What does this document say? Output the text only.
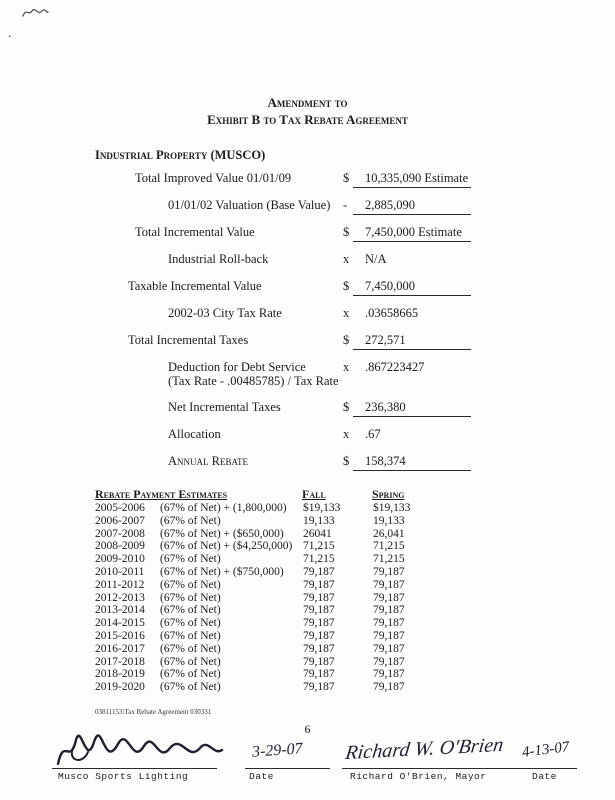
.
Amendment to
Exhibit B to Tax Rebate Agreement
Industrial Property (MUSCO)
Total Improved Value 01/01/09	$	10,335,090 Estimate
01/01/02 Valuation (Base Value) -	2,885,090
Total Incremental Value	$	7,450,000 Estimate
Industrial Roll-back	x	N/A
Taxable Incremental Value	$	7,450,000
2002-03 City Tax Rate	x	.03658665
Total Incremental Taxes	$	272,571
Deduction for Debt Service
(Tax Rate - .00485785) / Tax Rate
x	.867223427
Net Incremental Taxes	$	236,380
Allocation	x	.67
Annual Rebate	$	158,374
Rebate Payment Estimates	Fall	Spring
2005-2006 (67% of Net) + (1,800,000) $19,133	$19,133
2006-2007 (67% of Net)	19,133	19,133
2007-2008 (67% of Net) + ($650,000) 26041	26,041
2008-2009 (67% of Net) + ($4,250,000) 71,215	71,215
2009-2010 (67% of Net)	71,215	71,215
2010-2011 (67% of Net) + ($750,000) 79,187	79,187
2011-2012 (67% of Net)	79,187	79,187
2012-2013 (67% of Net)	79,187	79,187
2013-2014 (67% of Net)	79,187	79,187
2014-2015 (67% of Net)	79,187	79,187
2015-2016 (67% of Net)	79,187	79,187
2016-2017 (67% of Net)	79,187	79,187
2017-2018 (67% of Net)	79,187	79,187
2018-2019 (67% of Net)	79,187	79,187
2019-2020 (67% of Net)	79,187	79,187
03811153\Tax Rebate Agreement 030331
6
3-29-07 Richard W. O'Brien 4-13-07
Musco Sports Lighting	Date	Richard O'Brien, Mayor	Date
